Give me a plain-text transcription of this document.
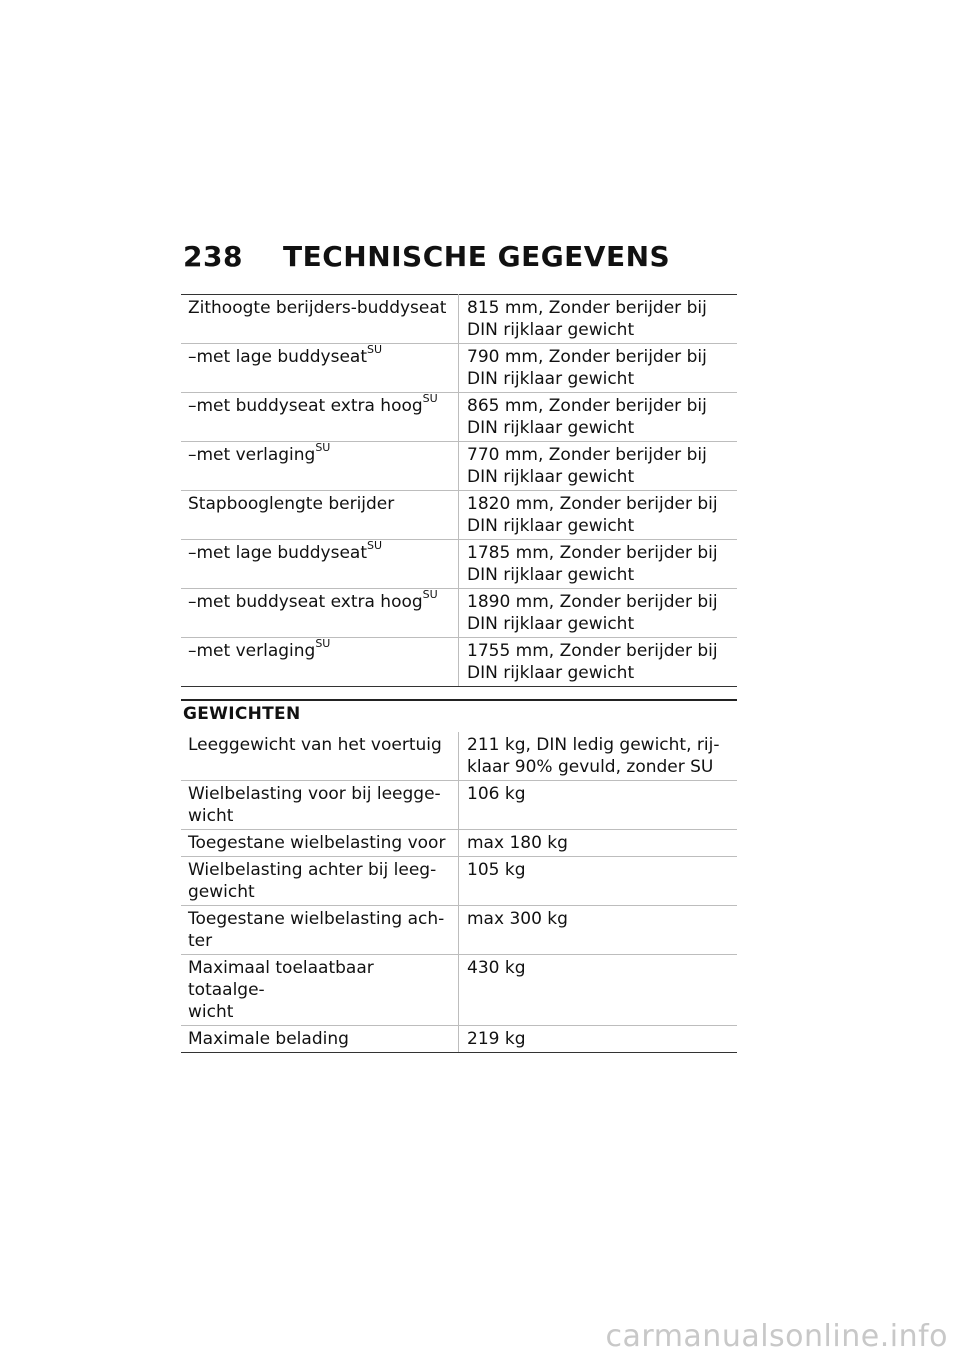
238 TECHNISCHE GEGEVENS
Zithoogte berijders-buddyseat	815 mm, Zonder berijder bij
DIN rijklaar gewicht
–met lage buddyseat$^{SU}$	790 mm, Zonder berijder bij
DIN rijklaar gewicht
–met buddyseat extra hoog$^{SU}$	865 mm, Zonder berijder bij
DIN rijklaar gewicht
–met verlaging$^{SU}$	770 mm, Zonder berijder bij
DIN rijklaar gewicht
Stapbooglengte berijder	1820 mm, Zonder berijder bij
DIN rijklaar gewicht
–met lage buddyseat$^{SU}$	1785 mm, Zonder berijder bij
DIN rijklaar gewicht
–met buddyseat extra hoog$^{SU}$	1890 mm, Zonder berijder bij
DIN rijklaar gewicht
–met verlaging$^{SU}$	1755 mm, Zonder berijder bij
DIN rijklaar gewicht
GEWICHTEN
Leeggewicht van het voertuig	211 kg, DIN ledig gewicht, rij-
klaar 90% gevuld, zonder SU
Wielbelasting voor bij leegge-
wicht	106 kg
Toegestane wielbelasting voor	max 180 kg
Wielbelasting achter bij leeg-
gewicht	105 kg
Toegestane wielbelasting ach-
ter	max 300 kg
Maximaal toelaatbaar totaalge-
wicht	430 kg
Maximale belading	219 kg
carmanualsonline.info
